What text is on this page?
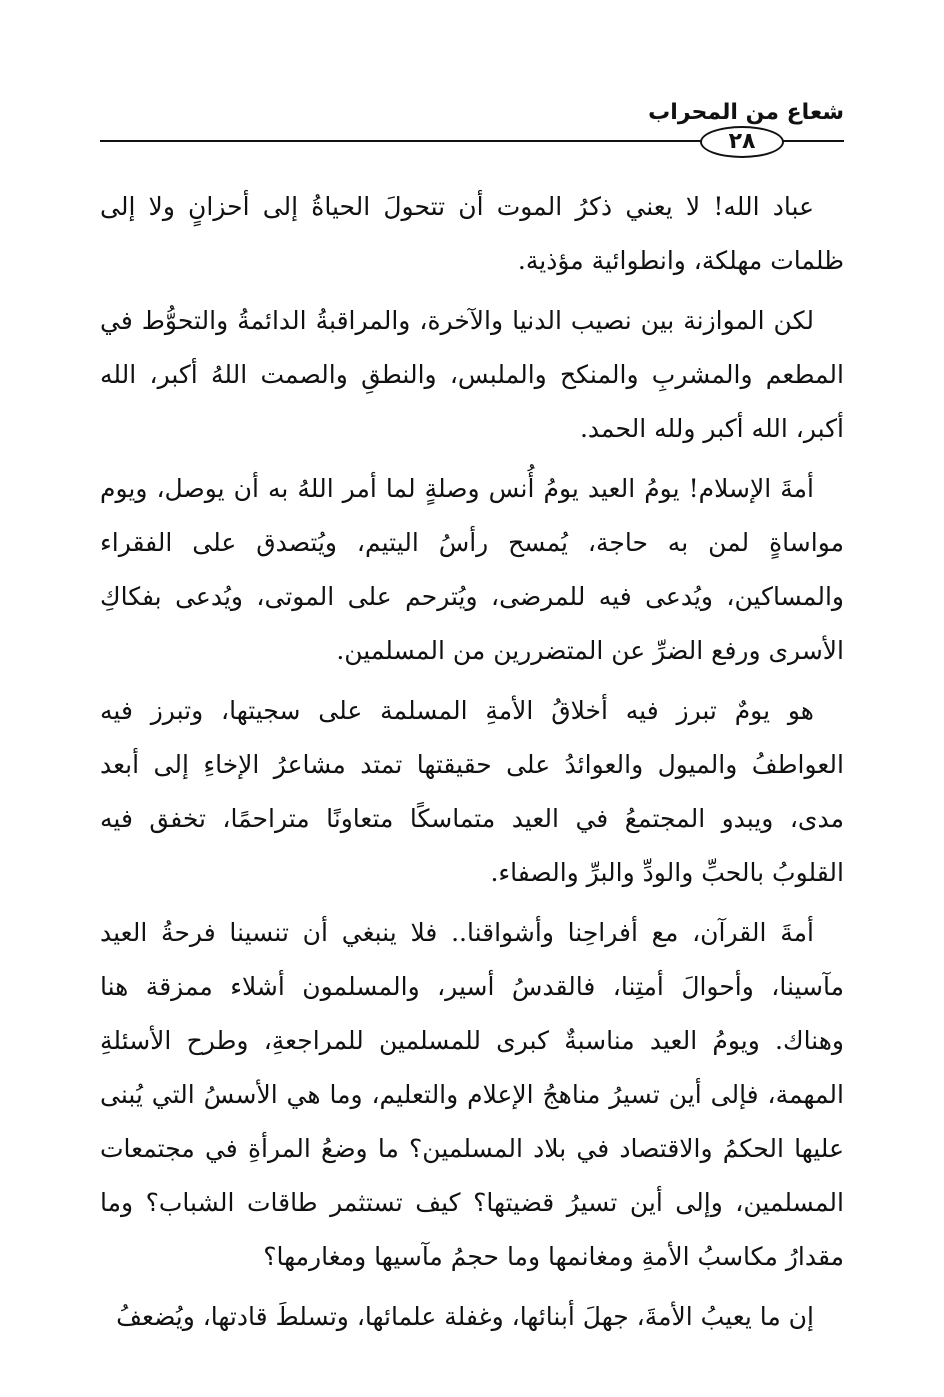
شعاع من المحراب
٢٨

عباد الله! لا يعني ذكرُ الموت أن تتحولَ الحياةُ إلى أحزانٍ ولا إلى ظلمات مهلكة، وانطوائية مؤذية.

لكن الموازنة بين نصيب الدنيا والآخرة، والمراقبةُ الدائمةُ والتحوُّط في المطعم والمشربِ والمنكح والملبس، والنطقِ والصمت اللهُ أكبر، الله أكبر، الله أكبر ولله الحمد.

أمةَ الإسلام! يومُ العيد يومُ أُنس وصلةٍ لما أمر اللهُ به أن يوصل، ويوم مواساةٍ لمن به حاجة، يُمسح رأسُ اليتيم، ويُتصدق على الفقراء والمساكين، ويُدعى فيه للمرضى، ويُترحم على الموتى، ويُدعى بفكاكِ الأسرى ورفع الضرِّ عن المتضررين من المسلمين.

هو يومٌ تبرز فيه أخلاقُ الأمةِ المسلمة على سجيتها، وتبرز فيه العواطفُ والميول والعوائدُ على حقيقتها تمتد مشاعرُ الإخاءِ إلى أبعد مدى، ويبدو المجتمعُ في العيد متماسكًا متعاونًا متراحمًا، تخفق فيه القلوبُ بالحبِّ والودِّ والبرِّ والصفاء.

أمةَ القرآن، مع أفراحِنا وأشواقنا.. فلا ينبغي أن تنسينا فرحةُ العيد مآسينا، وأحوالَ أمتِنا، فالقدسُ أسير، والمسلمون أشلاء ممزقة هنا وهناك. ويومُ العيد مناسبةٌ كبرى للمسلمين للمراجعةِ، وطرح الأسئلةِ المهمة، فإلى أين تسيرُ مناهجُ الإعلام والتعليم، وما هي الأسسُ التي يُبنى عليها الحكمُ والاقتصاد في بلاد المسلمين؟ ما وضعُ المرأةِ في مجتمعات المسلمين، وإلى أين تسيرُ قضيتها؟ كيف تستثمر طاقات الشباب؟ وما مقدارُ مكاسبُ الأمةِ ومغانمها وما حجمُ مآسيها ومغارمها؟

إن ما يعيبُ الأمةَ، جهلَ أبنائها، وغفلة علمائها، وتسلطَ قادتها، ويُضعفُ
